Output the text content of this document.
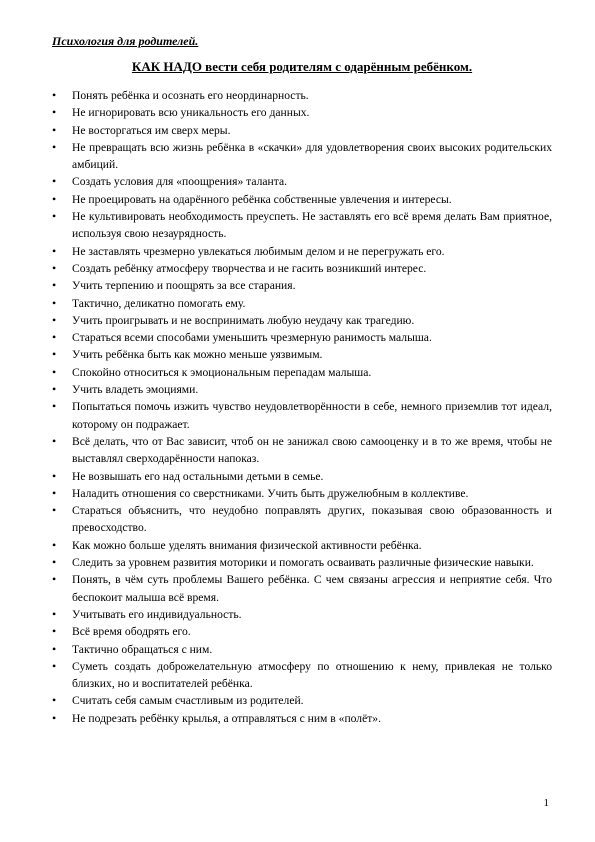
Психология для родителей.
КАК НАДО вести себя родителям с одарённым ребёнком.
• Понять ребёнка и осознать его неординарность.
• Не игнорировать всю уникальность его данных.
• Не восторгаться им сверх меры.
• Не превращать всю жизнь ребёнка в «скачки» для удовлетворения своих высоких родительских амбиций.
• Создать условия для «поощрения» таланта.
• Не проецировать на одарённого ребёнка собственные увлечения и интересы.
• Не культивировать необходимость преуспеть. Не заставлять его всё время делать Вам приятное, используя свою незаурядность.
• Не заставлять чрезмерно увлекаться любимым делом и не перегружать его.
• Создать ребёнку атмосферу творчества и не гасить возникший интерес.
• Учить терпению и поощрять за все старания.
• Тактично, деликатно помогать ему.
• Учить проигрывать и не воспринимать любую неудачу как трагедию.
• Стараться всеми способами уменьшить чрезмерную ранимость малыша.
• Учить ребёнка быть как можно меньше уязвимым.
• Спокойно относиться к эмоциональным перепадам малыша.
• Учить владеть эмоциями.
• Попытаться помочь изжить чувство неудовлетворённости в себе, немного приземлив тот идеал, которому он подражает.
• Всё делать, что от Вас зависит, чтоб он не занижал свою самооценку и в то же время, чтобы не выставлял сверходарённости напоказ.
• Не возвышать его над остальными детьми в семье.
• Наладить отношения со сверстниками. Учить быть дружелюбным в коллективе.
• Стараться объяснить, что неудобно поправлять других, показывая свою образованность и превосходство.
• Как можно больше уделять внимания физической активности ребёнка.
• Следить за уровнем развития моторики и помогать осваивать различные физические навыки.
• Понять, в чём суть проблемы Вашего ребёнка. С чем связаны агрессия и неприятие себя. Что беспокоит малыша всё время.
• Учитывать его индивидуальность.
• Всё время ободрять его.
• Тактично обращаться с ним.
• Суметь создать доброжелательную атмосферу по отношению к нему, привлекая не только близких, но и воспитателей ребёнка.
• Считать себя самым счастливым из родителей.
• Не подрезать ребёнку крылья, а отправляться с ним в «полёт».
1
